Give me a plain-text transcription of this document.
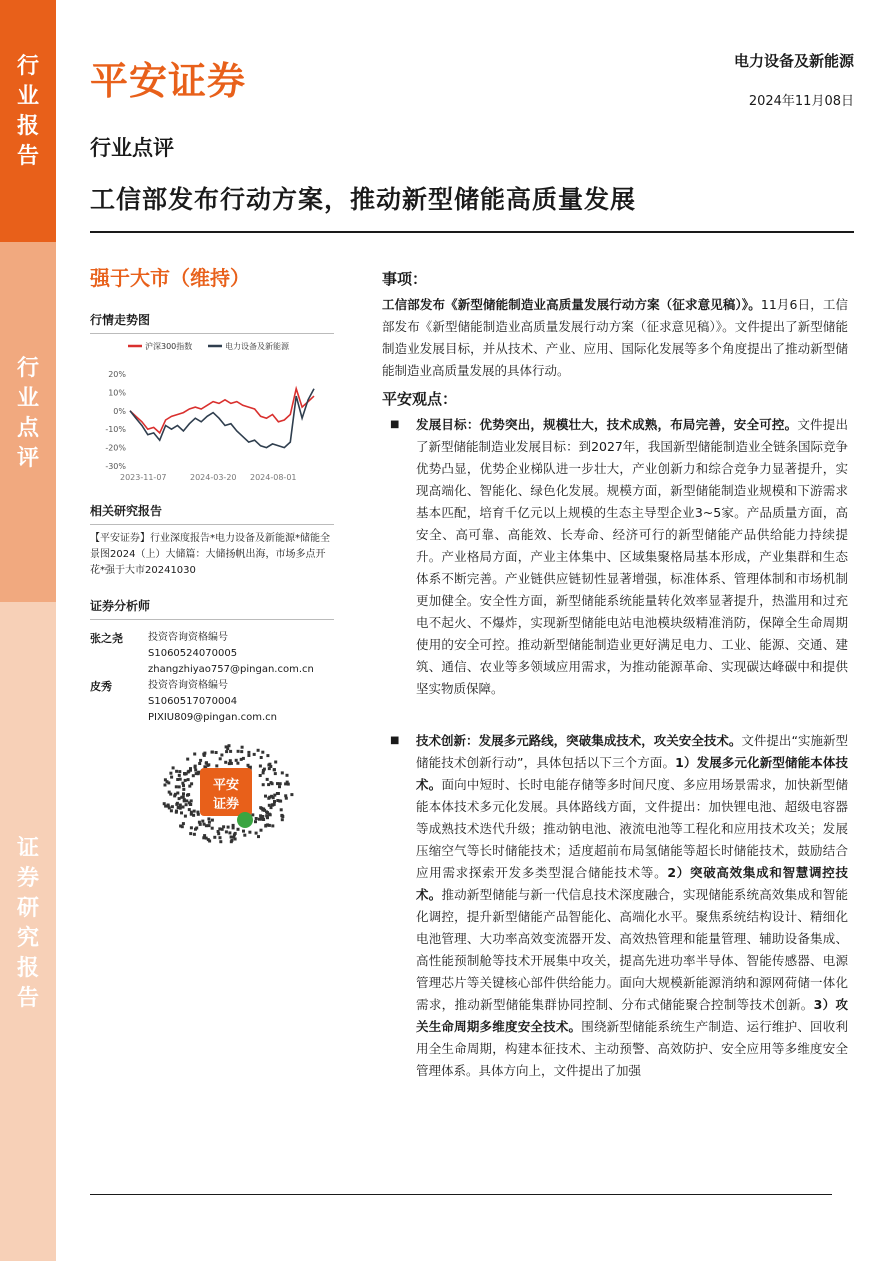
行业报告
行业点评
证券研究报告
平安证券	电力设备及新能源
2024年11月08日
行业点评
工信部发布行动方案，推动新型储能高质量发展
强于大市（维持）
行情走势图
沪深300指数	电力设备及新能源
20%
10%
0%
-10%
-20%
-30%
2023-11-07	2024-03-20 2024-08-01
相关研究报告
【平安证券】行业深度报告*电力设备及新能源*储能全景图2024（上）大储篇：大储扬帆出海，市场多点开花*强于大市20241030
证券分析师
张之尧	投资咨询资格编号
S1060524070005
zhangzhiyao757@pingan.com.cn
皮秀	投资咨询资格编号
S1060517070004
PIXIU809@pingan.com.cn
平安
证券
事项：
工信部发布《新型储能制造业高质量发展行动方案（征求意见稿）》。11月6日，工信部发布《新型储能制造业高质量发展行动方案（征求意见稿）》。文件提出了新型储能制造业发展目标，并从技术、产业、应用、国际化发展等多个角度提出了推动新型储能制造业高质量发展的具体行动。
平安观点：
■ 发展目标：优势突出，规模壮大，技术成熟，布局完善，安全可控。文件提出了新型储能制造业发展目标：到2027年，我国新型储能制造业全链条国际竞争优势凸显，优势企业梯队进一步壮大，产业创新力和综合竞争力显著提升，实现高端化、智能化、绿色化发展。规模方面，新型储能制造业规模和下游需求基本匹配，培育千亿元以上规模的生态主导型企业3~5家。产品质量方面，高安全、高可靠、高能效、长寿命、经济可行的新型储能产品供给能力持续提升。产业格局方面，产业主体集中、区域集聚格局基本形成，产业集群和生态体系不断完善。产业链供应链韧性显著增强，标准体系、管理体制和市场机制更加健全。安全性方面，新型储能系统能量转化效率显著提升，热滥用和过充电不起火、不爆炸，实现新型储能电站电池模块级精准消防，保障全生命周期使用的安全可控。推动新型储能制造业更好满足电力、工业、能源、交通、建筑、通信、农业等多领域应用需求，为推动能源革命、实现碳达峰碳中和提供坚实物质保障。
■ 技术创新：发展多元路线，突破集成技术，攻关安全技术。文件提出“实施新型储能技术创新行动”，具体包括以下三个方面。1）发展多元化新型储能本体技术。面向中短时、长时电能存储等多时间尺度、多应用场景需求，加快新型储能本体技术多元化发展。具体路线方面，文件提出：加快锂电池、超级电容器等成熟技术迭代升级；推动钠电池、液流电池等工程化和应用技术攻关；发展压缩空气等长时储能技术；适度超前布局氢储能等超长时储能技术，鼓励结合应用需求探索开发多类型混合储能技术等。2）突破高效集成和智慧调控技术。推动新型储能与新一代信息技术深度融合，实现储能系统高效集成和智能化调控，提升新型储能产品智能化、高端化水平。聚焦系统结构设计、精细化电池管理、大功率高效变流器开发、高效热管理和能量管理、辅助设备集成、高性能预制舱等技术开展集中攻关，提高先进功率半导体、智能传感器、电源管理芯片等关键核心部件供给能力。面向大规模新能源消纳和源网荷储一体化需求，推动新型储能集群协同控制、分布式储能聚合控制等技术创新。3）攻关生命周期多维度安全技术。围绕新型储能系统生产制造、运行维护、回收利用全生命周期，构建本征技术、主动预警、高效防护、安全应用等多维度安全管理体系。具体方向上，文件提出了加强
